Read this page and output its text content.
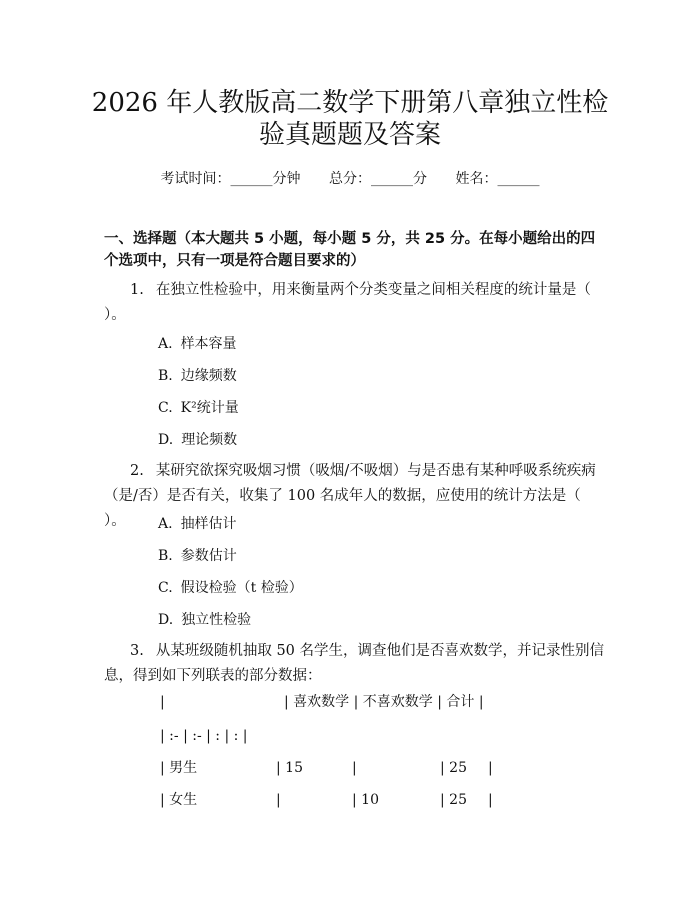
2026 年人教版高二数学下册第八章独立性检
验真题题及答案
考试时间：______分钟 总分：______分 姓名：______
一、选择题（本大题共 5 小题，每小题 5 分，共 25 分。在每小题给出的四个选项中，只有一项是符合题目要求的）
1. 在独立性检验中，用来衡量两个分类变量之间相关程度的统计量是（ ）。
A. 样本容量
B. 边缘频数
C. K²统计量
D. 理论频数
2. 某研究欲探究吸烟习惯（吸烟/不吸烟）与是否患有某种呼吸系统疾病（是/否）是否有关，收集了 100 名成年人的数据，应使用的统计方法是（ ）。	A. 抽样估计
B. 参数估计
C. 假设检验（t 检验）
D. 独立性检验
3. 从某班级随机抽取 50 名学生，调查他们是否喜欢数学，并记录性别信息，得到如下列联表的部分数据：
|	| 喜欢数学 | 不喜欢数学 | 合计 |
| :- | :- | : | : |
| 男生	| 15	|	| 25 |
| 女生	|	| 10	| 25 |
